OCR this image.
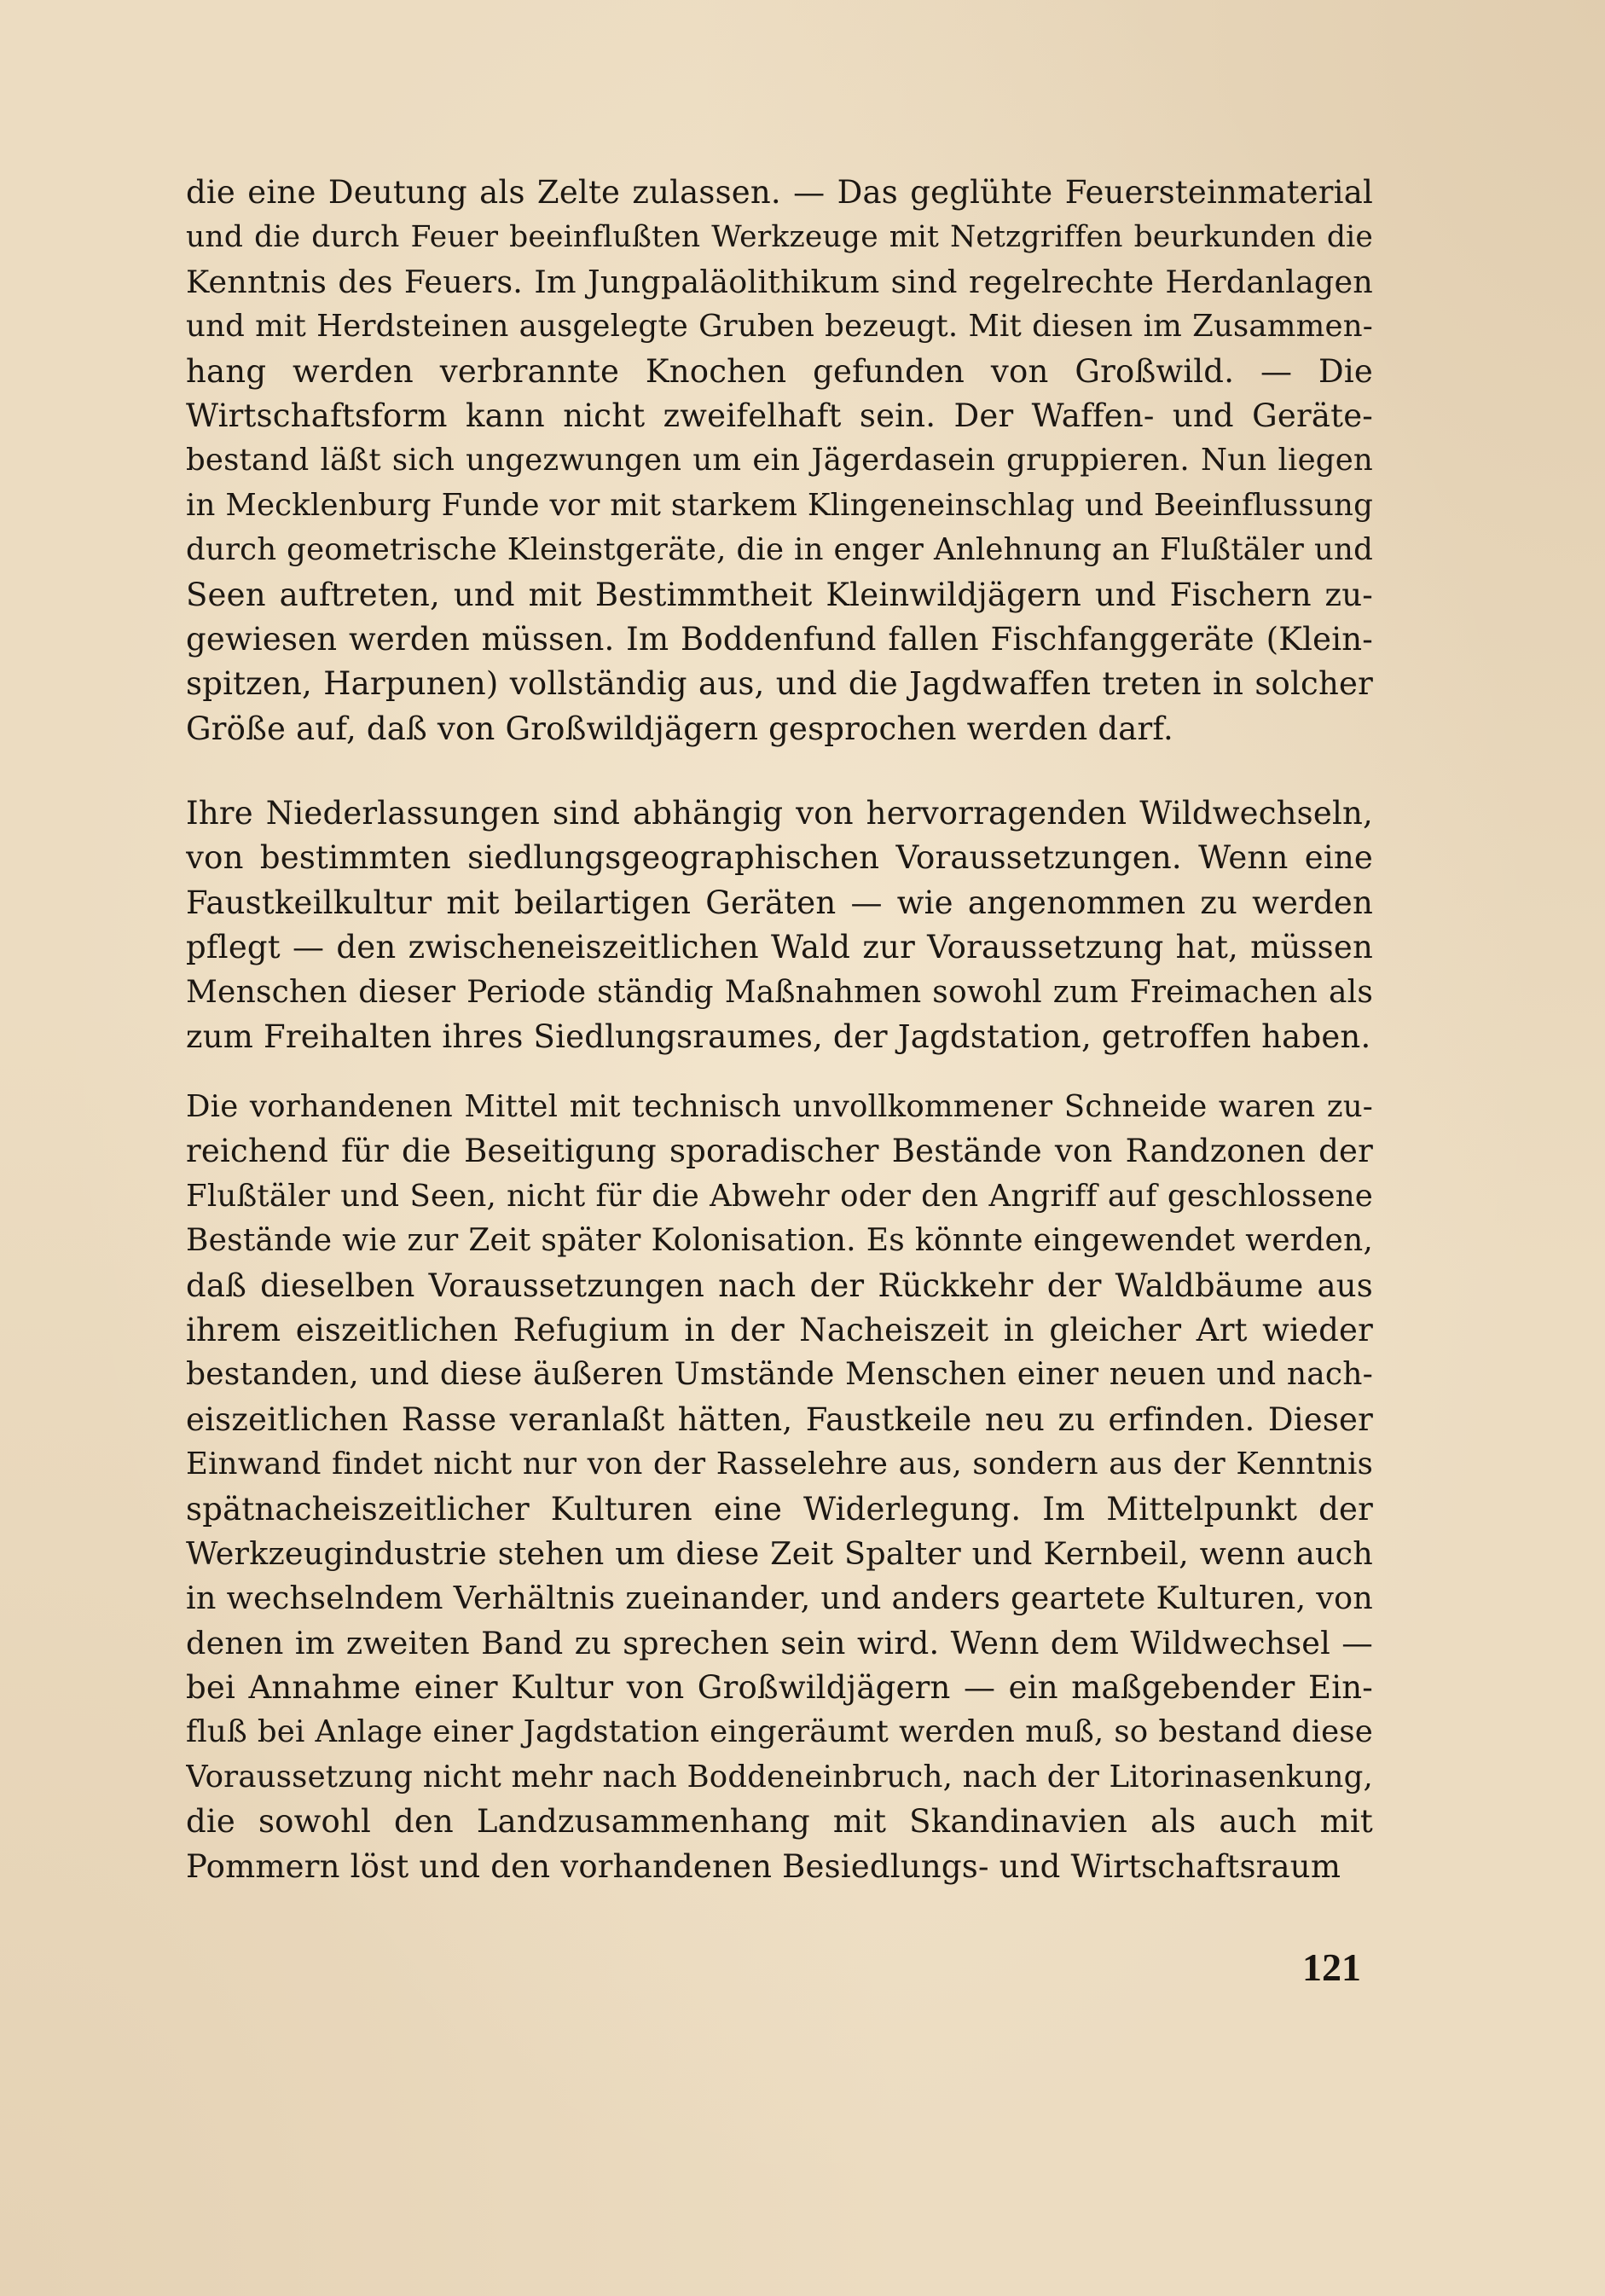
die eine Deutung als Zelte zulassen. — Das geglühte Feuersteinmaterial
und die durch Feuer beeinflußten Werkzeuge mit Netzgriffen beurkunden die
Kenntnis des Feuers. Im Jungpaläolithikum sind regelrechte Herdanlagen
und mit Herdsteinen ausgelegte Gruben bezeugt. Mit diesen im Zusammen-
hang werden verbrannte Knochen gefunden von Großwild. — Die
Wirtschaftsform kann nicht zweifelhaft sein. Der Waffen- und Geräte-
bestand läßt sich ungezwungen um ein Jägerdasein gruppieren. Nun liegen
in Mecklenburg Funde vor mit starkem Klingeneinschlag und Beeinflussung
durch geometrische Kleinstgeräte, die in enger Anlehnung an Flußtäler und
Seen auftreten, und mit Bestimmtheit Kleinwildjägern und Fischern zu-
gewiesen werden müssen. Im Boddenfund fallen Fischfanggeräte (Klein-
spitzen, Harpunen) vollständig aus, und die Jagdwaffen treten in solcher
Größe auf, daß von Großwildjägern gesprochen werden darf.
Ihre Niederlassungen sind abhängig von hervorragenden Wildwechseln,
von bestimmten siedlungsgeographischen Voraussetzungen. Wenn eine
Faustkeilkultur mit beilartigen Geräten — wie angenommen zu werden
pflegt — den zwischeneiszeitlichen Wald zur Voraussetzung hat, müssen
Menschen dieser Periode ständig Maßnahmen sowohl zum Freimachen als
zum Freihalten ihres Siedlungsraumes, der Jagdstation, getroffen haben.
Die vorhandenen Mittel mit technisch unvollkommener Schneide waren zu-
reichend für die Beseitigung sporadischer Bestände von Randzonen der
Flußtäler und Seen, nicht für die Abwehr oder den Angriff auf geschlossene
Bestände wie zur Zeit später Kolonisation. Es könnte eingewendet werden,
daß dieselben Voraussetzungen nach der Rückkehr der Waldbäume aus
ihrem eiszeitlichen Refugium in der Nacheiszeit in gleicher Art wieder
bestanden, und diese äußeren Umstände Menschen einer neuen und nach-
eiszeitlichen Rasse veranlaßt hätten, Faustkeile neu zu erfinden. Dieser
Einwand findet nicht nur von der Rasselehre aus, sondern aus der Kenntnis
spätnacheiszeitlicher Kulturen eine Widerlegung. Im Mittelpunkt der
Werkzeugindustrie stehen um diese Zeit Spalter und Kernbeil, wenn auch
in wechselndem Verhältnis zueinander, und anders geartete Kulturen, von
denen im zweiten Band zu sprechen sein wird. Wenn dem Wildwechsel —
bei Annahme einer Kultur von Großwildjägern — ein maßgebender Ein-
fluß bei Anlage einer Jagdstation eingeräumt werden muß, so bestand diese
Voraussetzung nicht mehr nach Boddeneinbruch, nach der Litorinasenkung,
die sowohl den Landzusammenhang mit Skandinavien als auch mit
Pommern löst und den vorhandenen Besiedlungs- und Wirtschaftsraum
121
